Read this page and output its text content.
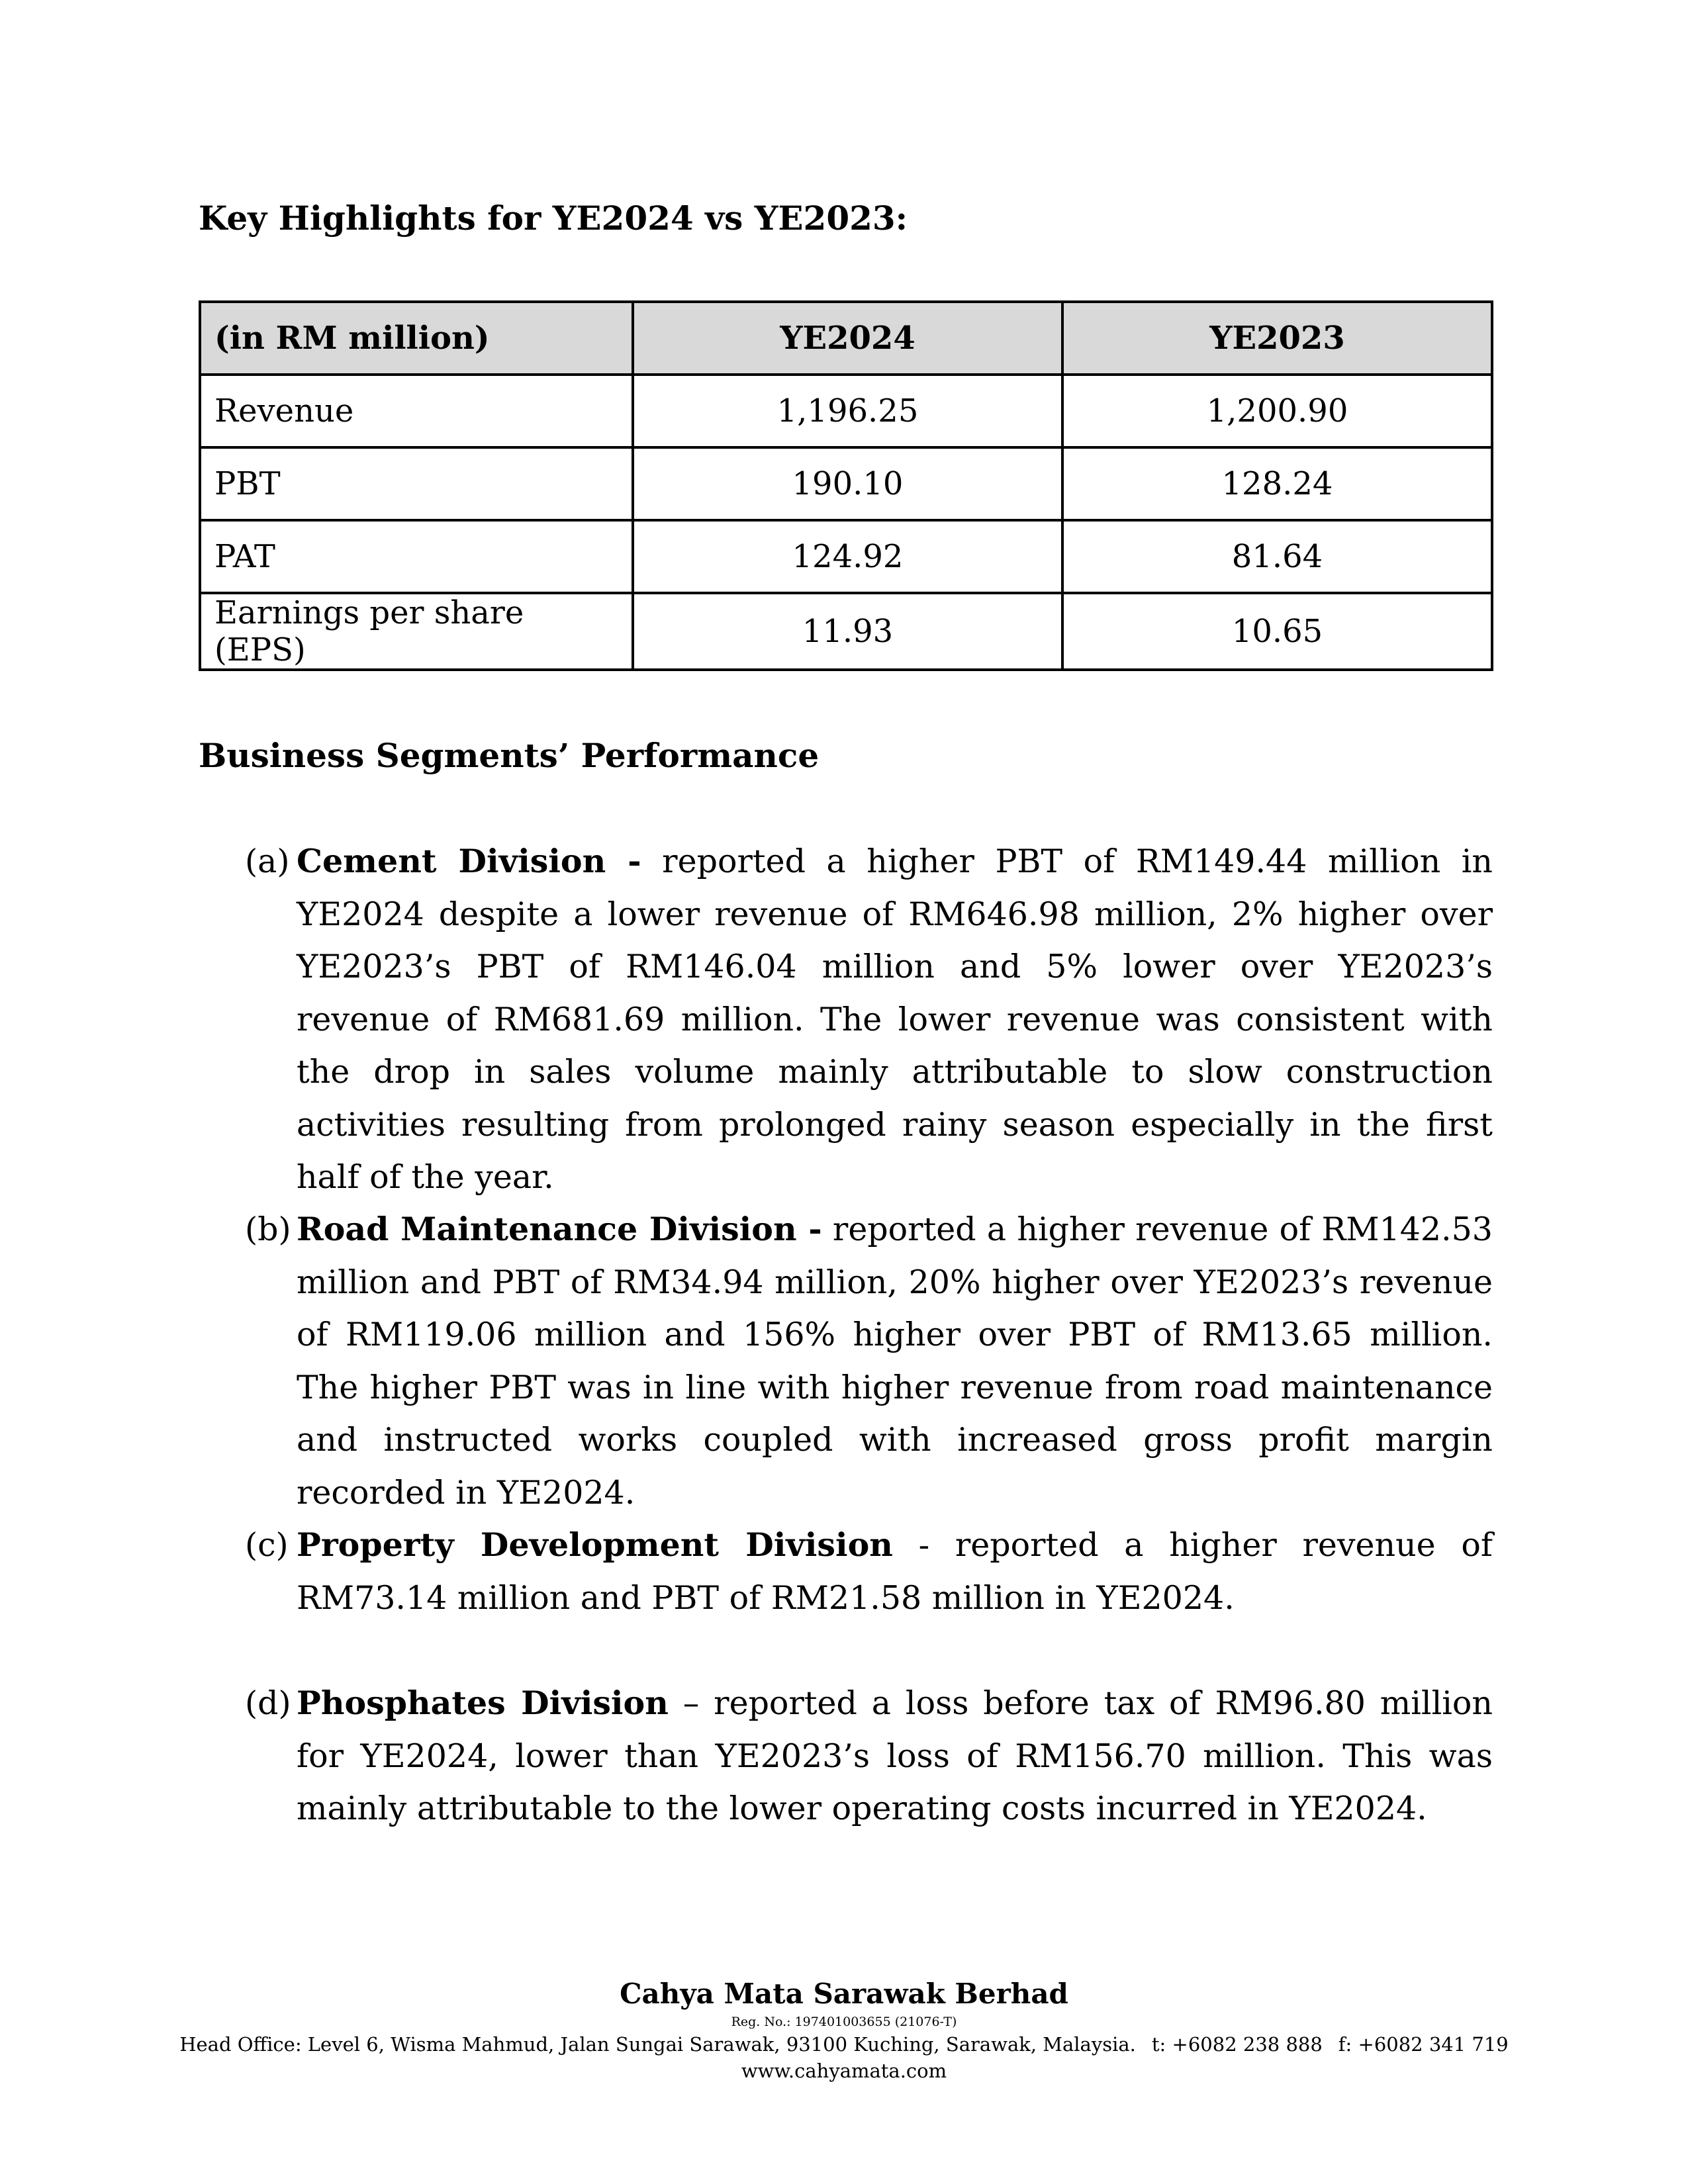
Key Highlights for YE2024 vs YE2023:
(in RM million)	YE2024	YE2023
Revenue	1,196.25	1,200.90
PBT	190.10	128.24
PAT	124.92	81.64
Earnings per share (EPS)	11.93	10.65
Business Segments’ Performance
(a) Cement Division - reported a higher PBT of RM149.44 million in YE2024 despite a lower revenue of RM646.98 million, 2% higher over YE2023’s PBT of RM146.04 million and 5% lower over YE2023’s revenue of RM681.69 million. The lower revenue was consistent with the drop in sales volume mainly attributable to slow construction activities resulting from prolonged rainy season especially in the first half of the year.
(b) Road Maintenance Division - reported a higher revenue of RM142.53 million and PBT of RM34.94 million, 20% higher over YE2023’s revenue of RM119.06 million and 156% higher over PBT of RM13.65 million. The higher PBT was in line with higher revenue from road maintenance and instructed works coupled with increased gross profit margin recorded in YE2024.
(c) Property Development Division - reported a higher revenue of RM73.14 million and PBT of RM21.58 million in YE2024.
(d) Phosphates Division – reported a loss before tax of RM96.80 million for YE2024, lower than YE2023’s loss of RM156.70 million. This was mainly attributable to the lower operating costs incurred in YE2024.
Cahya Mata Sarawak Berhad
Reg. No.: 197401003655 (21076-T)
Head Office: Level 6, Wisma Mahmud, Jalan Sungai Sarawak, 93100 Kuching, Sarawak, Malaysia. t: +6082 238 888 f: +6082 341 719
www.cahyamata.com
